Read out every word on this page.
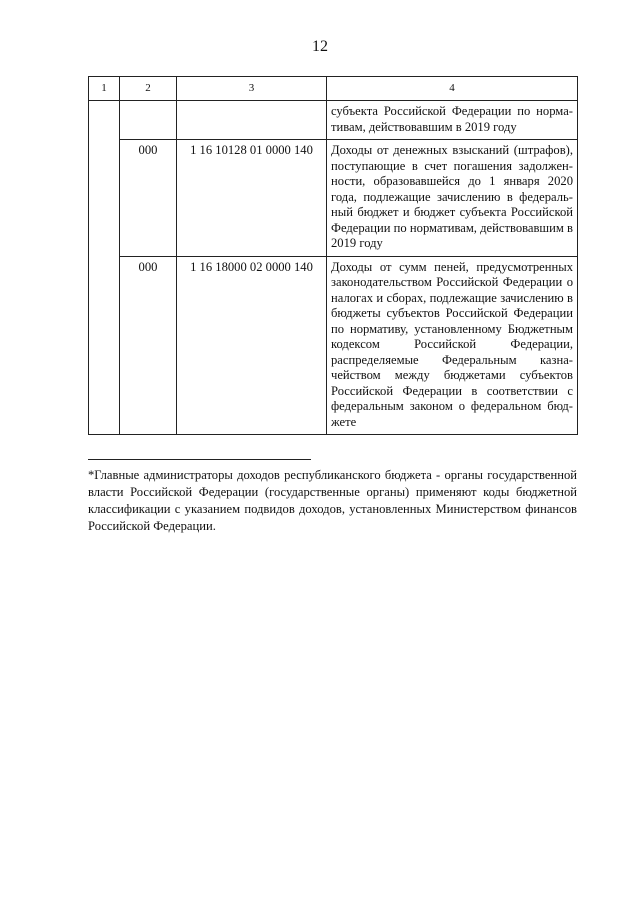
12
1	2	3	4
			субъекта Российской Федерации по нормативам, действовавшим в 2019 году
	000	1 16 10128 01 0000 140	Доходы от денежных взысканий (штрафов), поступающие в счет погашения задолженности, образовавшейся до 1 января 2020 года, подлежащие зачислению в федеральный бюджет и бюджет субъекта Российской Федерации по нормативам, действовавшим в 2019 году
	000	1 16 18000 02 0000 140	Доходы от сумм пеней, предусмотренных законодательством Российской Федерации о налогах и сборах, подлежащие зачислению в бюджеты субъектов Российской Федерации по нормативу, установленному Бюджетным кодексом Российской Федерации, распределяемые Федеральным казначейством между бюджетами субъектов Российской Федерации в соответствии с федеральным законом о федеральном бюджете
*Главные администраторы доходов республиканского бюджета - органы государственной власти Российской Федерации (государственные органы) применяют коды бюджетной классификации с указанием подвидов доходов, установленных Министерством финансов Российской Федерации.
